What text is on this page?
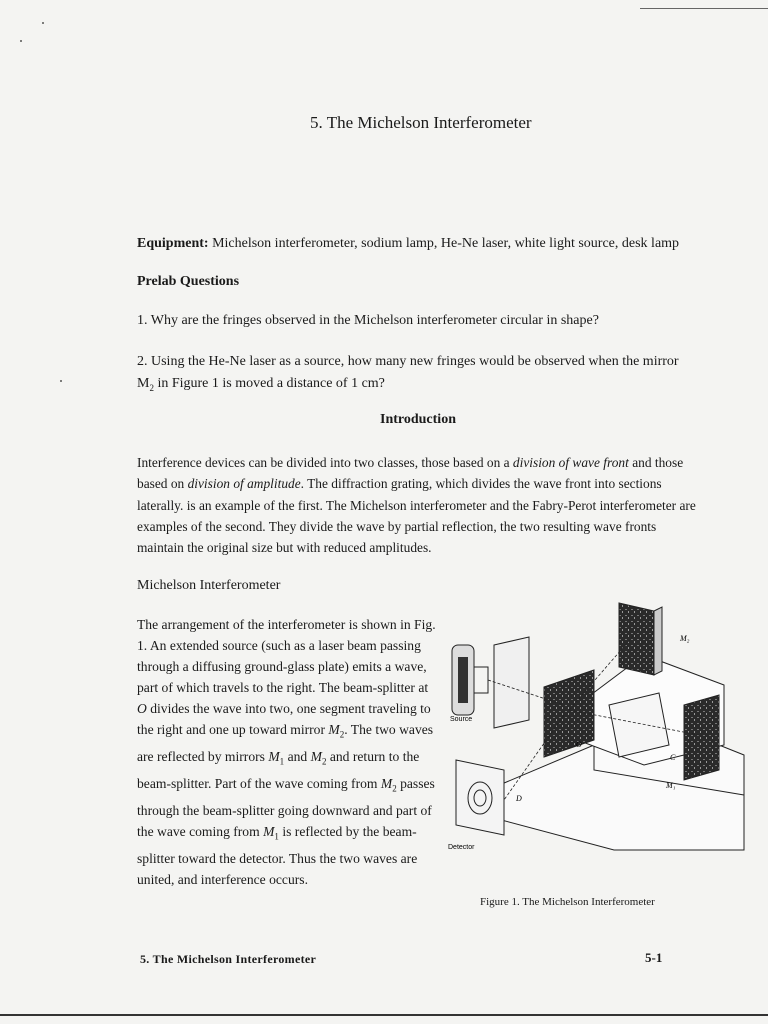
5. The Michelson Interferometer
Equipment: Michelson interferometer, sodium lamp, He-Ne laser, white light source, desk lamp
Prelab Questions
1. Why are the fringes observed in the Michelson interferometer circular in shape?
2. Using the He-Ne laser as a source, how many new fringes would be observed when the mirror
$M_2$ in Figure 1 is moved a distance of 1 cm?
Introduction
Interference devices can be divided into two classes, those based on a division of wave front and those based on division of amplitude. The diffraction grating, which divides the wave front into sections laterally. is an example of the first. The Michelson interferometer and the Fabry-Perot interferometer are examples of the second. They divide the wave by partial reflection, the two resulting wave fronts maintain the original size but with reduced amplitudes.
Michelson Interferometer
The arrangement of the interferometer is shown in Fig. 1. An extended source (such as a laser beam passing through a diffusing ground-glass plate) emits a wave, part of which travels to the right. The beam-splitter at O divides the wave into two, one segment traveling to the right and one up toward mirror $M_2$. The two waves are reflected by mirrors $M_1$ and $M_2$ and return to the beam-splitter. Part of the wave coming from $M_2$ passes through the beam-splitter going downward and part of the wave coming from $M_1$ is reflected by the beam-splitter toward the detector. Thus the two waves are united, and interference occurs.
M₂
M₁
Source
O
C
D
Detector
Figure 1. The Michelson Interferometer
5. The Michelson Interferometer	5-1
